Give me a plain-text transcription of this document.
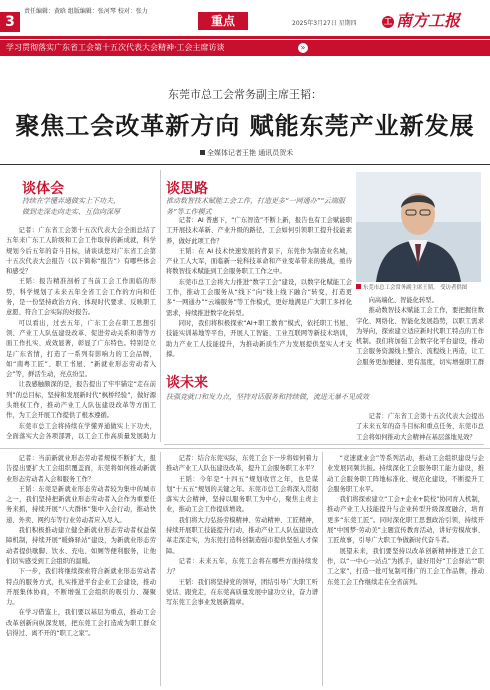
3
责任编辑：黄晗 组版编辑：张河琴 校对：张力
重点	2025年3月27日 星期四	工 南方工报
学习贯彻落实广东省工会第十五次代表大会精神·工会主席访谈	»
东莞市总工会常务副主席王韬：
聚焦工会改革新方向 赋能东莞产业新发展
全媒体记者王艳 通讯员贺禾
谈体会

持续在学懂弄通做实上下功夫，

做到走深走向走实、互信向深厚

记者：广东省工会第十五次代表大会全面总结了五年来广东工人阶级和工会工作取得的新成就，科学规划今后五年的奋斗目标，请谈谈您对广东省工会第十五次代表大会报告（以下简称“报告”）有哪些体会和感受？

王韬：报告精准剖析了当前工会工作面临的形势，科学规划了未来五年全省工会工作的方向和任务，是一份坚持政治方向、体现时代要求、反映职工意愿、符合工会实际的好报告。

可以看出，过去五年，广东工会在职工思想引领、产业工人队伍建设改革、促进劳动关系和谐等方面工作扎实、成效显著，彰显了广东特色。特别是立足广东省情，打造了一系列有影响力的工会品牌，如“南粤工匠”、职工书屋、“新就业形态劳动者入会”等，鲜活生动，亮点纷呈。

让我感触颇深的是，报告提出了牢牢锚定“走在前列”的总目标，坚持和发展新时代“枫桥经验”，做好源头维权工作，推动产业工人队伍建设改革等方面工作，为工会开展工作提供了根本遵循。

东莞市总工会将持续在学懂弄通做实上下功夫，全面落实大会各项部署，以工会工作高质量发展助力

谈思路
推动数智技术赋能工会工作，打造更多“一网通办”“云端服务”等工作模式

记者：AI 普惠下，“广东智造”不断上新，报告也有工会赋能职工开展技术革新、产业升级的路径，工会如何引领职工提升技能素养，做好此项工作？

王韬：在 AI 技术快速发展的背景下，东莞作为制造业名城，产业工人大军，面临新一轮科技革命和产业变革带来的挑战，亟待将数智技术赋能到工会服务职工工作之中。

东莞市总工会将大力推进“数字工会”建设，以数字化赋能工会工作，推动工会服务从“线下”向“线上线下融合”转变，打造更多“一网通办”“云端服务”等工作模式，更好地满足广大职工多样化需求，持续推进数字化转型。

同时，我们将积极探索“AI+职工教育”模式，依托职工书屋、技能实训基地等平台，开展人工智能、工业互联网等新技术培训，助力产业工人技能提升，为推动新质生产力发展提供坚实人才支撑。

东莞市总工会常务副主席王韬。 受访者供图

向高端化、智能化转型。

推动数智技术赋能工会工作，要把握住数字化、网络化、智能化发展趋势，以职工需求为导向，探索建立适应新时代职工特点的工作机制。我们将加强工会数字化平台建设，推动工会服务资源线上整合、流程线上再造，让工会服务更加便捷、更有温度，切实增强职工群

谈未来
扶强竞就口和发力点，坚持对话服务和持续做，流进无暴不见成效

记者：当前新就业形态劳动者规模不断扩大，报告提出要扩大工会组织覆盖面，东莞将如何推动新就业形态劳动者入会和服务工作？

王韬：东莞是新就业形态劳动者较为集中的城市之一，我们坚持把新就业形态劳动者入会作为重要任务来抓，持续开展“八大群体”集中入会行动，推动快递、外卖、网约车等行业劳动者应入尽入。

我们积极推动建立健全新就业形态劳动者权益保障机制，持续开展“暖蜂驿站”建设，为新就业形态劳动者提供歇脚、饮水、充电、如厕等便利服务，让他们切实感受到工会组织的温暖。

下一步，我们将继续探索符合新就业形态劳动者特点的服务方式，扎实推进平台企业工会建设，推动开展集体协商，不断增强工会组织的吸引力、凝聚力。

在学习借鉴上，我们要以基层为重点，推动工会改革创新向纵深发展，把东莞工会打造成为职工群众信得过、离不开的“职工之家”。

记者：结合东莞实际，东莞工会下一步将如何着力推动产业工人队伍建设改革，提升工会服务职工水平？

王韬：今年是“十四五”规划收官之年，也是谋划“十五五”规划的关键之年。东莞市总工会将深入贯彻落实大会精神，坚持以服务职工为中心，聚焦主责主业，推动工会工作提质增效。

我们将大力弘扬劳模精神、劳动精神、工匠精神，持续开展职工技能提升行动，推动产业工人队伍建设改革走深走实，为东莞打造科创制造强市提供坚强人才保障。

记者：未来五年，东莞工会将在哪些方面持续发力？

王韬：我们将坚持党的领导，团结引导广大职工听党话、跟党走，在东莞高质量发展中建功立业，奋力谱写东莞工会事业发展新篇章。

“竞速就业会”等系列活动，推动工会组织建设与企业发展同频共振。持续深化工会服务职工能力建设，推动工会服务职工阵地标准化、规范化建设，不断提升工会服务职工水平。

我们将探索建立“工会+企业+院校”协同育人机制，推动产业工人技能提升与企业转型升级深度融合，培育更多“东莞工匠”。同时深化职工思想政治引领，持续开展“中国梦·劳动美”主题宣传教育活动，讲好劳模故事、工匠故事，引导广大职工争做新时代奋斗者。

展望未来，我们要坚持以改革创新精神推进工会工作，以“一中心一站点”为抓手，建好用好“工会驿站”“职工之家”，打造一批可复制可推广的工会工作品牌，推动东莞工会工作继续走在全省前列。

记者：广东省工会第十五次代表大会提出了未来五年的奋斗目标和重点任务，东莞市总工会将如何推动大会精神在基层落地见效？
